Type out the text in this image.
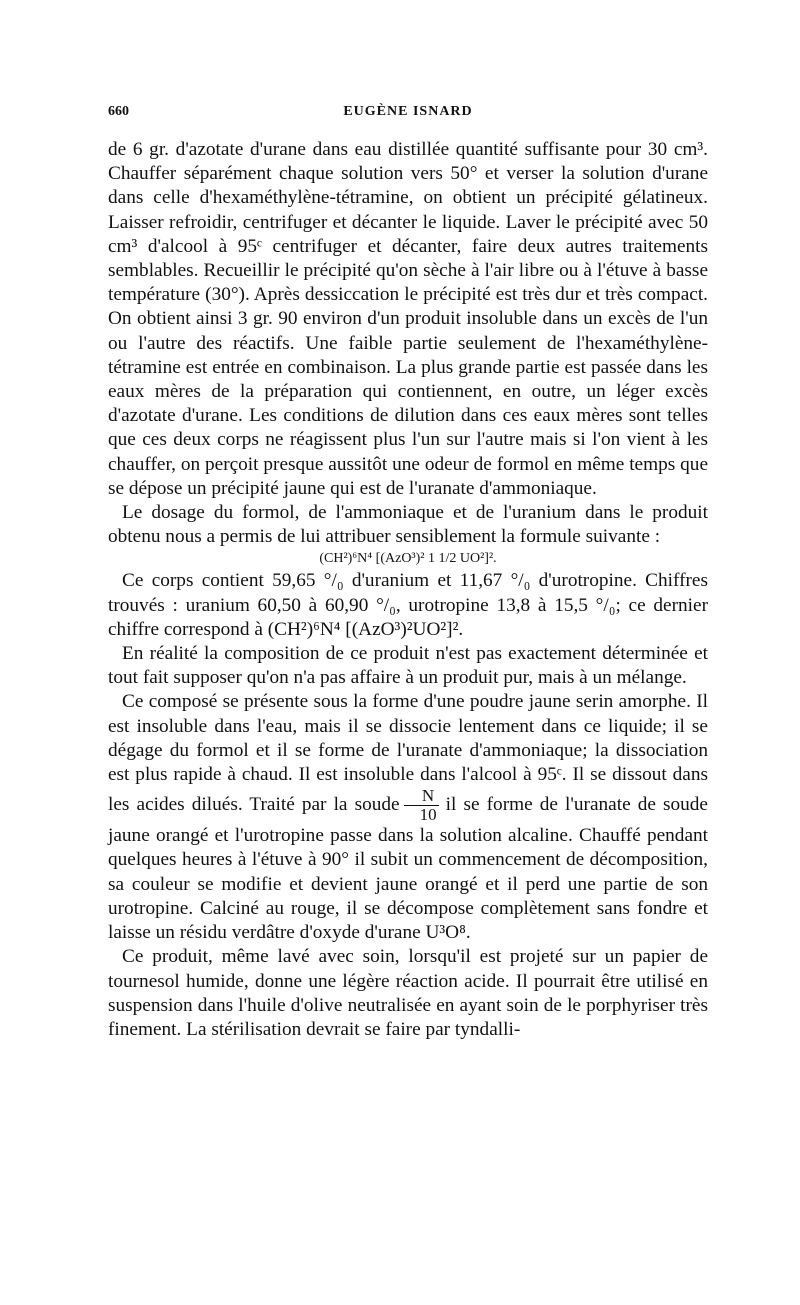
660	EUGÈNE ISNARD

de 6 gr. d'azotate d'urane dans eau distillée quantité suffisante pour 30 cm³. Chauffer séparément chaque solution vers 50° et verser la solution d'urane dans celle d'hexaméthylène-tétramine, on obtient un précipité gélatineux. Laisser refroidir, centrifuger et décanter le liquide. Laver le précipité avec 50 cm³ d'alcool à 95ᶜ centrifuger et décanter, faire deux autres traitements semblables. Recueillir le précipité qu'on sèche à l'air libre ou à l'étuve à basse température (30°). Après dessiccation le précipité est très dur et très compact. On obtient ainsi 3 gr. 90 environ d'un produit insoluble dans un excès de l'un ou l'autre des réactifs. Une faible partie seulement de l'hexaméthylène-tétramine est entrée en combinaison. La plus grande partie est passée dans les eaux mères de la préparation qui contiennent, en outre, un léger excès d'azotate d'urane. Les conditions de dilution dans ces eaux mères sont telles que ces deux corps ne réagissent plus l'un sur l'autre mais si l'on vient à les chauffer, on perçoit presque aussitôt une odeur de formol en même temps que se dépose un précipité jaune qui est de l'uranate d'ammoniaque.

Le dosage du formol, de l'ammoniaque et de l'uranium dans le produit obtenu nous a permis de lui attribuer sensiblement la formule suivante :

(CH²)⁶N⁴ [(AzO³)² 1 1/2 UO²]².

Ce corps contient 59,65 °/₀ d'uranium et 11,67 °/₀ d'urotropine. Chiffres trouvés : uranium 60,50 à 60,90 °/₀, urotropine 13,8 à 15,5 °/₀; ce dernier chiffre correspond à (CH²)⁶N⁴ [(AzO³)²UO²]².

En réalité la composition de ce produit n'est pas exactement déterminée et tout fait supposer qu'on n'a pas affaire à un produit pur, mais à un mélange.

Ce composé se présente sous la forme d'une poudre jaune serin amorphe. Il est insoluble dans l'eau, mais il se dissocie lentement dans ce liquide; il se dégage du formol et il se forme de l'uranate d'ammoniaque; la dissociation est plus rapide à chaud. Il est insoluble dans l'alcool à 95ᶜ. Il se dissout dans les acides dilués. Traité par la soude $\frac{N}{10}$ il se forme de l'uranate de soude jaune orangé et l'urotropine passe dans la solution alcaline. Chauffé pendant quelques heures à l'étuve à 90° il subit un commencement de décomposition, sa couleur se modifie et devient jaune orangé et il perd une partie de son urotropine. Calciné au rouge, il se décompose complètement sans fondre et laisse un résidu verdâtre d'oxyde d'urane U³O⁸.

Ce produit, même lavé avec soin, lorsqu'il est projeté sur un papier de tournesol humide, donne une légère réaction acide. Il pourrait être utilisé en suspension dans l'huile d'olive neutralisée en ayant soin de le porphyriser très finement. La stérilisation devrait se faire par tyndalli-
